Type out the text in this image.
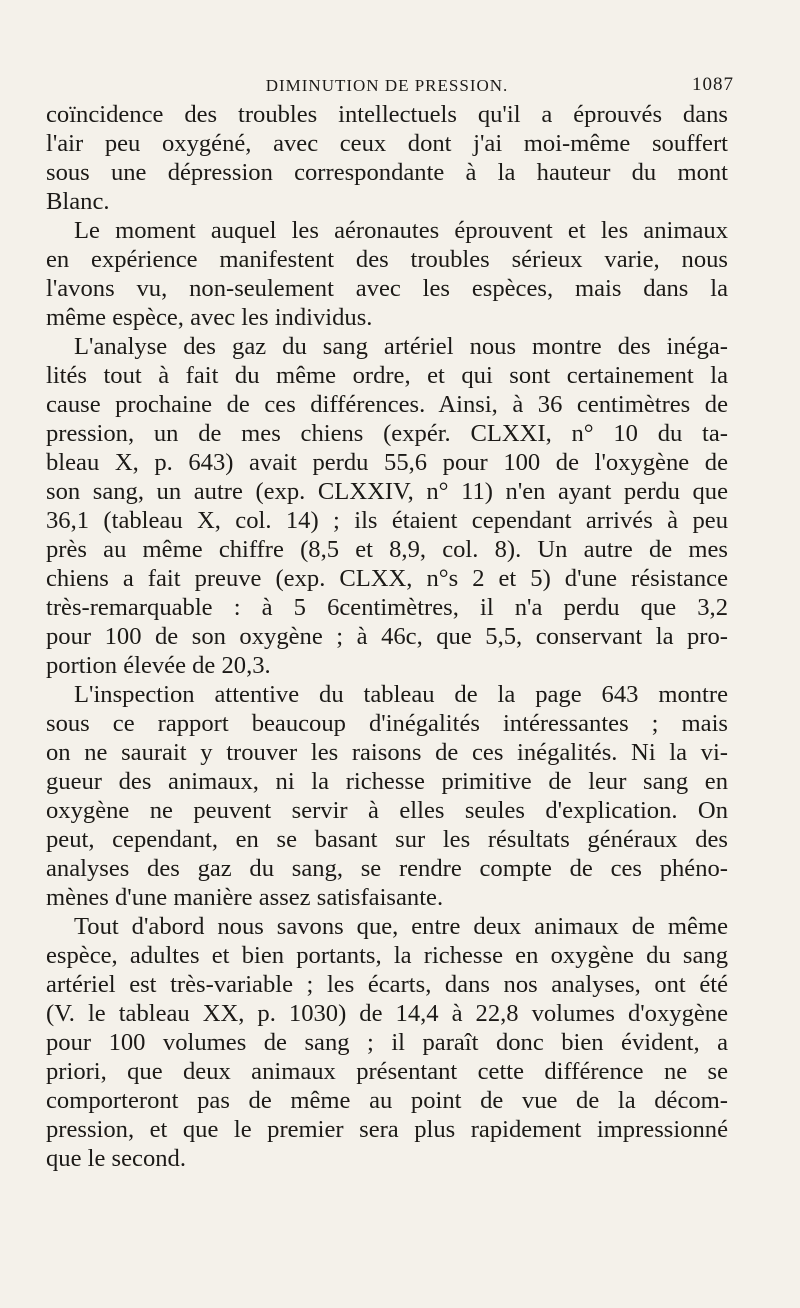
DIMINUTION DE PRESSION.	1087
coïncidence des troubles intellectuels qu'il a éprouvés dans
l'air peu oxygéné, avec ceux dont j'ai moi-même souffert
sous une dépression correspondante à la hauteur du mont
Blanc.
Le moment auquel les aéronautes éprouvent et les animaux
en expérience manifestent des troubles sérieux varie, nous
l'avons vu, non-seulement avec les espèces, mais dans la
même espèce, avec les individus.
L'analyse des gaz du sang artériel nous montre des inéga-
lités tout à fait du même ordre, et qui sont certainement la
cause prochaine de ces différences. Ainsi, à 36 centimètres de
pression, un de mes chiens (expér. CLXXI, n° 10 du ta-
bleau X, p. 643) avait perdu 55,6 pour 100 de l'oxygène de
son sang, un autre (exp. CLXXIV, n° 11) n'en ayant perdu que
36,1 (tableau X, col. 14) ; ils étaient cependant arrivés à peu
près au même chiffre (8,5 et 8,9, col. 8). Un autre de mes
chiens a fait preuve (exp. CLXX, n°s 2 et 5) d'une résistance
très-remarquable : à 5 6centimètres, il n'a perdu que 3,2
pour 100 de son oxygène ; à 46c, que 5,5, conservant la pro-
portion élevée de 20,3.
L'inspection attentive du tableau de la page 643 montre
sous ce rapport beaucoup d'inégalités intéressantes ; mais
on ne saurait y trouver les raisons de ces inégalités. Ni la vi-
gueur des animaux, ni la richesse primitive de leur sang en
oxygène ne peuvent servir à elles seules d'explication. On
peut, cependant, en se basant sur les résultats généraux des
analyses des gaz du sang, se rendre compte de ces phéno-
mènes d'une manière assez satisfaisante.
Tout d'abord nous savons que, entre deux animaux de même
espèce, adultes et bien portants, la richesse en oxygène du sang
artériel est très-variable ; les écarts, dans nos analyses, ont été
(V. le tableau XX, p. 1030) de 14,4 à 22,8 volumes d'oxygène
pour 100 volumes de sang ; il paraît donc bien évident, a
priori, que deux animaux présentant cette différence ne se
comporteront pas de même au point de vue de la décom-
pression, et que le premier sera plus rapidement impressionné
que le second.
